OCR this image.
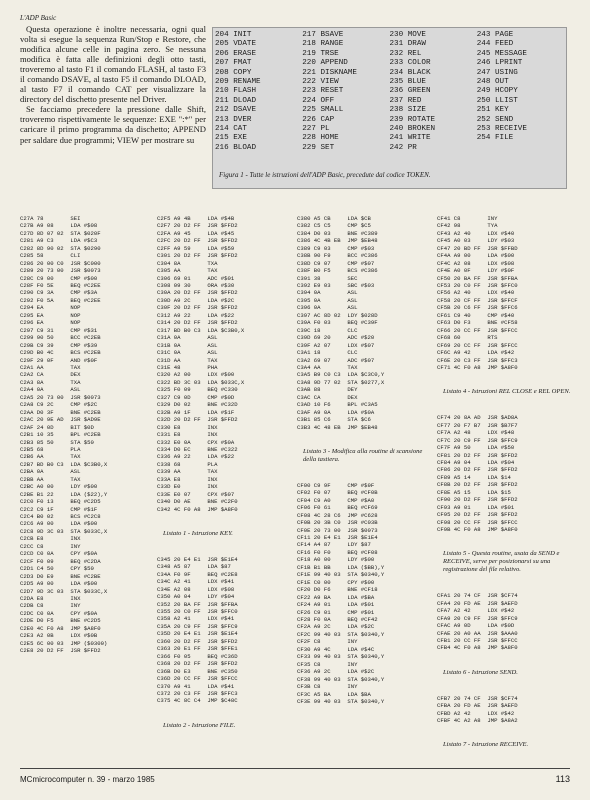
L'ADP Basic

Questa operazione è inoltre necessaria, ogni qual volta si esegue la sequenza Run/Stop e Restore, che modifica alcune celle in pagina zero. Se nessuna modifica è fatta alle definizioni degli otto tasti, troveremo al tasto F1 il comando FLASH, al tasto F3 il comando DSAVE, al tasto F5 il comando DLOAD, al tasto F7 il comando CAT per visualizzare la directory del dischetto presente nel Driver.

Se facciamo precedere la pressione dalle Shift, troveremo rispettivamente le sequenze: EXE ":*" per caricare il primo programma da dischetto; APPEND per saldare due programmi; VIEW per mostrare su

204 INIT
205 VDATE
206 ERASE
207 FMAT
208 COPY
209 RENAME
210 FLASH
211 DLOAD
212 DSAVE
213 DVER
214 CAT
215 EXE
216 BLOAD
217 BSAVE
218 RANGE
219 TRSE
220 APPEND
221 DISKNAME
222 VIEW
223 RESET
224 OFF
225 SMALL
226 CAP
227 PL
228 HOME
229 SET
230 MOVE
231 DRAW
232 REL
233 COLOR
234 BLACK
235 BLUE
236 GREEN
237 RED
238 SIZE
239 ROTATE
240 BROKEN
241 WRITE
242 PR
243 PAGE
244 FEED
245 MESSAGE
246 LPRINT
247 USING
248 OUT
249 HCOPY
250 LLIST
251 KEY
252 SEND
253 RECEIVE
254 FILE
Figura 1 - Tutte le istruzioni dell'ADP Basic, precedute dal codice TOKEN.

C27A 78        SEI
C27B A9 08     LDA #$08
C27D 8D 07 02  STA $020F
C281 A9 C3     LDA #$C3
C282 8D 90 02  STA $0290
C285 58        CLI
C286 20 00 C0  JSR $C000
C289 20 73 00  JSR $0073
C28C C9 00     CMP #$00
C28F F0 5E     BEQ #C2EE
C290 C9 3A     CMP #$3A
C292 F0 5A     BEQ #C2EE
C294 EA        NOP
C295 EA        NOP
C296 EA        NOP
C297 C9 31     CMP #$31
C299 90 50     BCC #C2EB
C29B C9 39     CMP #$39
C29D B0 4C     BCS #C2EB
C29F 29 0F     AND #$0F
C2A1 AA        TAX
C2A2 CA        DEX
C2A3 8A        TXA
C2A4 0A        ASL
C2A5 20 73 00  JSR $0073
C2A8 C9 2C     CMP #$2C
C2AA D0 3F     BNE #C2EB
C2AC 20 9E AD  JSR $AD9E
C2AF 24 0D     BIT $0D
C2B1 10 35     BPL #C2EB
C2B3 85 50     STA $50
C2B5 68        PLA
C2B6 AA        TAX
C2B7 BD B0 C3  LDA $C3B0,X
C2BA 0A        ASL
C2BB AA        TAX
C2BC A0 00     LDY #$00
C2BE B1 22     LDA ($22),Y
C2C0 F0 13     BEQ #C2D5
C2C2 C9 1F     CMP #$1F
C2C4 B0 02     BCS #C2C8
C2C6 A9 00     LDA #$00
C2C8 9D 3C 03  STA $033C,X
C2CB E8        INX
C2CC C8        INY
C2CD C0 0A     CPY #$0A
C2CF F0 09     BEQ #C2DA
C2D1 C4 50     CPY $50
C2D3 D0 E9     BNE #C2BE
C2D5 A9 00     LDA #$00
C2D7 9D 3C 03  STA $033C,X
C2DA E8        INX
C2DB C8        INY
C2DC C0 0A     CPY #$0A
C2DE D0 F5     BNE #C2D5
C2E0 4C F0 A8  JMP $A8F0
C2E3 A2 0B     LDX #$0B
C2E5 6C 00 03  JMP ($0300)
C2E8 20 D2 FF  JSR $FFD2

C2F5 A9 4B     LDA #$4B
C2F7 20 D2 FF  JSR $FFD2
C2FA A9 45     LDA #$45
C2FC 20 D2 FF  JSR $FFD2
C2FF A9 59     LDA #$59
C301 20 D2 FF  JSR $FFD2
C304 8A        TXA
C305 AA        TAX
C306 69 01     ADC #$01
C308 09 30     ORA #$30
C30A 20 D2 FF  JSR $FFD2
C30D A9 2C     LDA #$2C
C30F 20 D2 FF  JSR $FFD2
C312 A9 22     LDA #$22
C314 20 D2 FF  JSR $FFD2
C317 BD B0 C3  LDA $C3B0,X
C31A 0A        ASL
C31B 0A        ASL
C31C 0A        ASL
C31D AA        TAX
C31E 48        PHA
C320 A2 00     LDX #$00
C322 BD 3C 03  LDA $033C,X
C325 F0 09     BEQ #C330
C327 C9 0D     CMP #$0D
C329 D0 02     BNE #C32D
C32B A9 1F     LDA #$1F
C32D 20 D2 FF  JSR $FFD2
C330 E8        INX
C331 E8        INX
C332 E0 0A     CPX #$0A
C334 D0 EC     BNE #C322
C336 A9 22     LDA #$22
C338 68        PLA
C339 AA        TAX
C33A E8        INX
C33D E0        INX
C33E E0 07     CPX #$07
C340 D0 AE     BNE #C2F0
C342 4C F0 A8  JMP $A8F0

Listato 1 - Istruzione KEY.

C345 20 E4 E1  JSR $E1E4
C348 A5 87     LDA $87
C34A F0 9F     BEQ #C2E8
C34C A2 41     LDX #$41
C34E A2 08     LDX #$08
C350 A0 04     LDY #$04
C352 20 BA FF  JSR $FFBA
C355 20 C0 FF  JSR $FFC0
C358 A2 41     LDX #$41
C35A 20 C9 FF  JSR $FFC9
C35D 20 E4 E1  JSR $E1E4
C360 20 D2 FF  JSR $FFD2
C363 20 E1 FF  JSR $FFE1
C366 F0 05     BEQ #C36D
C368 20 D2 FF  JSR $FFD2
C36B D0 E3     BNE #C350
C36D 20 CC FF  JSR $FFCC
C370 A9 41     LDA #$41
C372 20 C3 FF  JSR $FFC3
C375 4C 8C C4  JMP $C48C

Listato 2 - Istruzione FILE.

C380 A5 CB     LDA $CB
C382 C5 C5     CMP $C5
C384 D0 03     BNE #C389
C386 4C 4B EB  JMP $EB48
C389 C9 03     CMP #$03
C38B 90 F9     BCC #C386
C38D C9 07     CMP #$07
C38F B0 F5     BCS #C386
C391 38        SEC
C392 E9 03     SBC #$03
C394 0A        ASL
C395 0A        ASL
C396 0A        ASL
C397 AC 8D 02  LDY $028D
C39A F0 03     BEQ #C39F
C39C 18        CLC
C39D 69 20     ADC #$20
C39F A2 07     LDX #$07
C3A1 18        CLC
C3A2 69 07     ADC #$07
C3A4 AA        TAX
C3A5 B9 C0 C3  LDA $C3C0,Y
C3A8 9D 77 02  STA $0277,X
C3AB 88        DEY
C3AC CA        DEX
C3AD 10 F6     BPL #C3A5
C3AF A9 0A     LDA #$0A
C3B1 85 C6     STA $C6
C3B3 4C 48 EB  JMP $EB48

Listato 3 - Modifica alla routine di scansione della tastiera.

CF00 C9 9F     CMP #$9F
CF02 F0 07     BEQ #CF0B
CF04 C9 A0     CMP #$A0
CF06 F0 61     BEQ #CF69
CF08 4C 28 C6  JMP #C628
CF0B 20 3B C0  JSR #C03B
CF0E 20 73 00  JSR $0073
CF11 20 E4 E1  JSR $E1E4
CF14 A4 87     LDY $87
CF16 F0 F0     BEQ #CF08
CF18 A0 00     LDY #$00
CF1B B1 BB     LDA ($BB),Y
CF1E 99 40 03  STA $0340,Y
CF1E C0 00     CPY #$00
CF20 D0 F6     BNE #CF18
CF22 A9 BA     LDA #$BA
CF24 A9 01     LDA #$01
CF26 C9 01     CMP #$01
CF28 F0 0A     BEQ #CF42
CF2A A9 2C     LDA #$2C
CF2C 99 40 03  STA $0340,Y
CF2F C8        INY
CF30 A9 4C     LDA #$4C
CF33 99 40 03  STA $0340,Y
CF35 C8        INY
CF36 A9 2C     LDA #$2C
CF38 99 40 03  STA $0340,Y
CF3B C8        INY
CF3C A5 BA     LDA $BA
CF3E 99 40 03  STA $0340,Y

CF41 C8        INY
CF42 98        TYA
CF43 A2 40     LDX #$40
CF45 A0 03     LDY #$03
CF47 20 BD FF  JSR $FFBD
CF4A A9 00     LDA #$00
CF4C A2 08     LDX #$08
CF4E A0 0F     LDY #$0F
CF50 20 BA FF  JSR $FFBA
CF53 20 C0 FF  JSR $FFC0
CF56 A2 40     LDX #$40
CF58 20 CF FF  JSR $FFCF
CF5B 20 C6 FF  JSR $FFC6
CF61 C9 40     CMP #$40
CF63 D0 F3     BNE #CF58
CF66 20 CC FF  JSR $FFCC
CF68 60        RTS
CF69 20 CC FF  JSR $FFCC
CF6C A9 42     LDA #$42
CF6E 20 C3 FF  JSR $FFC3
CF71 4C F0 A8  JMP $A8F0

Listato 4 - Istruzioni REL CLOSE e REL OPEN.

CF74 20 8A AD  JSR $AD8A
CF77 20 F7 B7  JSR $B7F7
CF7A A2 48     LDX #$48
CF7C 20 C9 FF  JSR $FFC9
CF7F A9 50     LDA #$50
CF81 20 D2 FF  JSR $FFD2
CF84 A9 04     LDA #$04
CF86 20 D2 FF  JSR $FFD2
CF89 A5 14     LDA $14
CF8B 20 D2 FF  JSR $FFD2
CF8E A5 15     LDA $15
CF90 20 D2 FF  JSR $FFD2
CF93 A9 01     LDA #$01
CF95 20 D2 FF  JSR $FFD2
CF98 20 CC FF  JSR $FFCC
CF9B 4C F0 A8  JMP $A8F0

Listato 5 - Questa routine, usata da SEND e RECEIVE, serve per posizionarsi su una registrazione del file relativo.

CFA1 20 74 CF  JSR $CF74
CFA4 20 FD AE  JSR $AEFD
CFA7 A2 42     LDX #$42
CFA9 20 C9 FF  JSR $FFC9
CFAC A9 0D     LDA #$0D
CFAE 20 A0 AA  JSR $AAA0
CFB1 20 CC FF  JSR $FFCC
CFB4 4C F0 A8  JMP $A8F0

Listato 6 - Istruzione SEND.

CFB7 20 74 CF  JSR $CF74
CFBA 20 FD AE  JSR $AEFD
CFBD A2 42     LDX #$42
CFBF 4C A2 A8  JMP $A8A2

Listato 7 - Istruzione RECEIVE.

MCmicrocomputer n. 39 - marzo 1985	113
